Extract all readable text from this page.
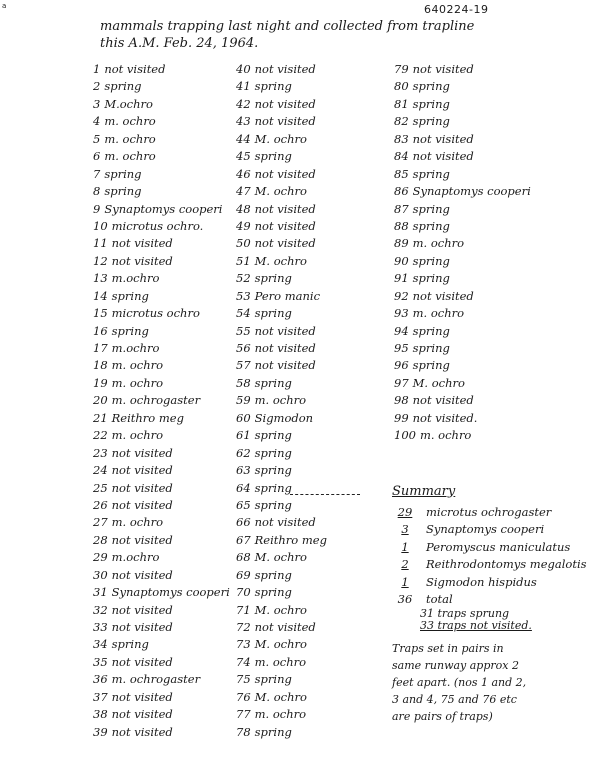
a	640224-19
mammals trapping last night and collected from trapline
this A.M. Feb. 24, 1964.
1 not visited
2 spring
3 M.ochro
4 m. ochro
5 m. ochro
6 m. ochro
7 spring
8 spring
9 Synaptomys cooperi
10 microtus ochro.
11 not visited
12 not visited
13 m.ochro
14 spring
15 microtus ochro
16 spring
17 m.ochro
18 m. ochro
19 m. ochro
20 m. ochrogaster
21 Reithro meg
22 m. ochro
23 not visited
24 not visited
25 not visited
26 not visited
27 m. ochro
28 not visited
29 m.ochro
30 not visited
31 Synaptomys cooperi
32 not visited
33 not visited
34 spring
35 not visited
36 m. ochrogaster
37 not visited
38 not visited
39 not visited
40 not visited
41 spring
42 not visited
43 not visited
44 M. ochro
45 spring
46 not visited
47 M. ochro
48 not visited
49 not visited
50 not visited
51 M. ochro
52 spring
53 Pero manic
54 spring
55 not visited
56 not visited
57 not visited
58 spring
59 m. ochro
60 Sigmodon
61 spring
62 spring
63 spring
64 spring
65 spring
66 not visited
67 Reithro meg
68 M. ochro
69 spring
70 spring
71 M. ochro
72 not visited
73 M. ochro
74 m. ochro
75 spring
76 M. ochro
77 m. ochro
78 spring
79 not visited
80 spring
81 spring
82 spring
83 not visited
84 not visited
85 spring
86 Synaptomys cooperi
87 spring
88 spring
89 m. ochro
90 spring
91 spring
92 not visited
93 m. ochro
94 spring
95 spring
96 spring
97 M. ochro
98 not visited
99 not visited.
100 m. ochro
Summary
29 microtus ochrogaster
3 Synaptomys cooperi
1 Peromyscus maniculatus
2 Reithrodontomys megalotis
1 Sigmodon hispidus
36 total
31 traps sprung
33 traps not visited.
Traps set in pairs in
same runway approx 2
feet apart. (nos 1 and 2,
3 and 4, 75 and 76 etc
are pairs of traps)
